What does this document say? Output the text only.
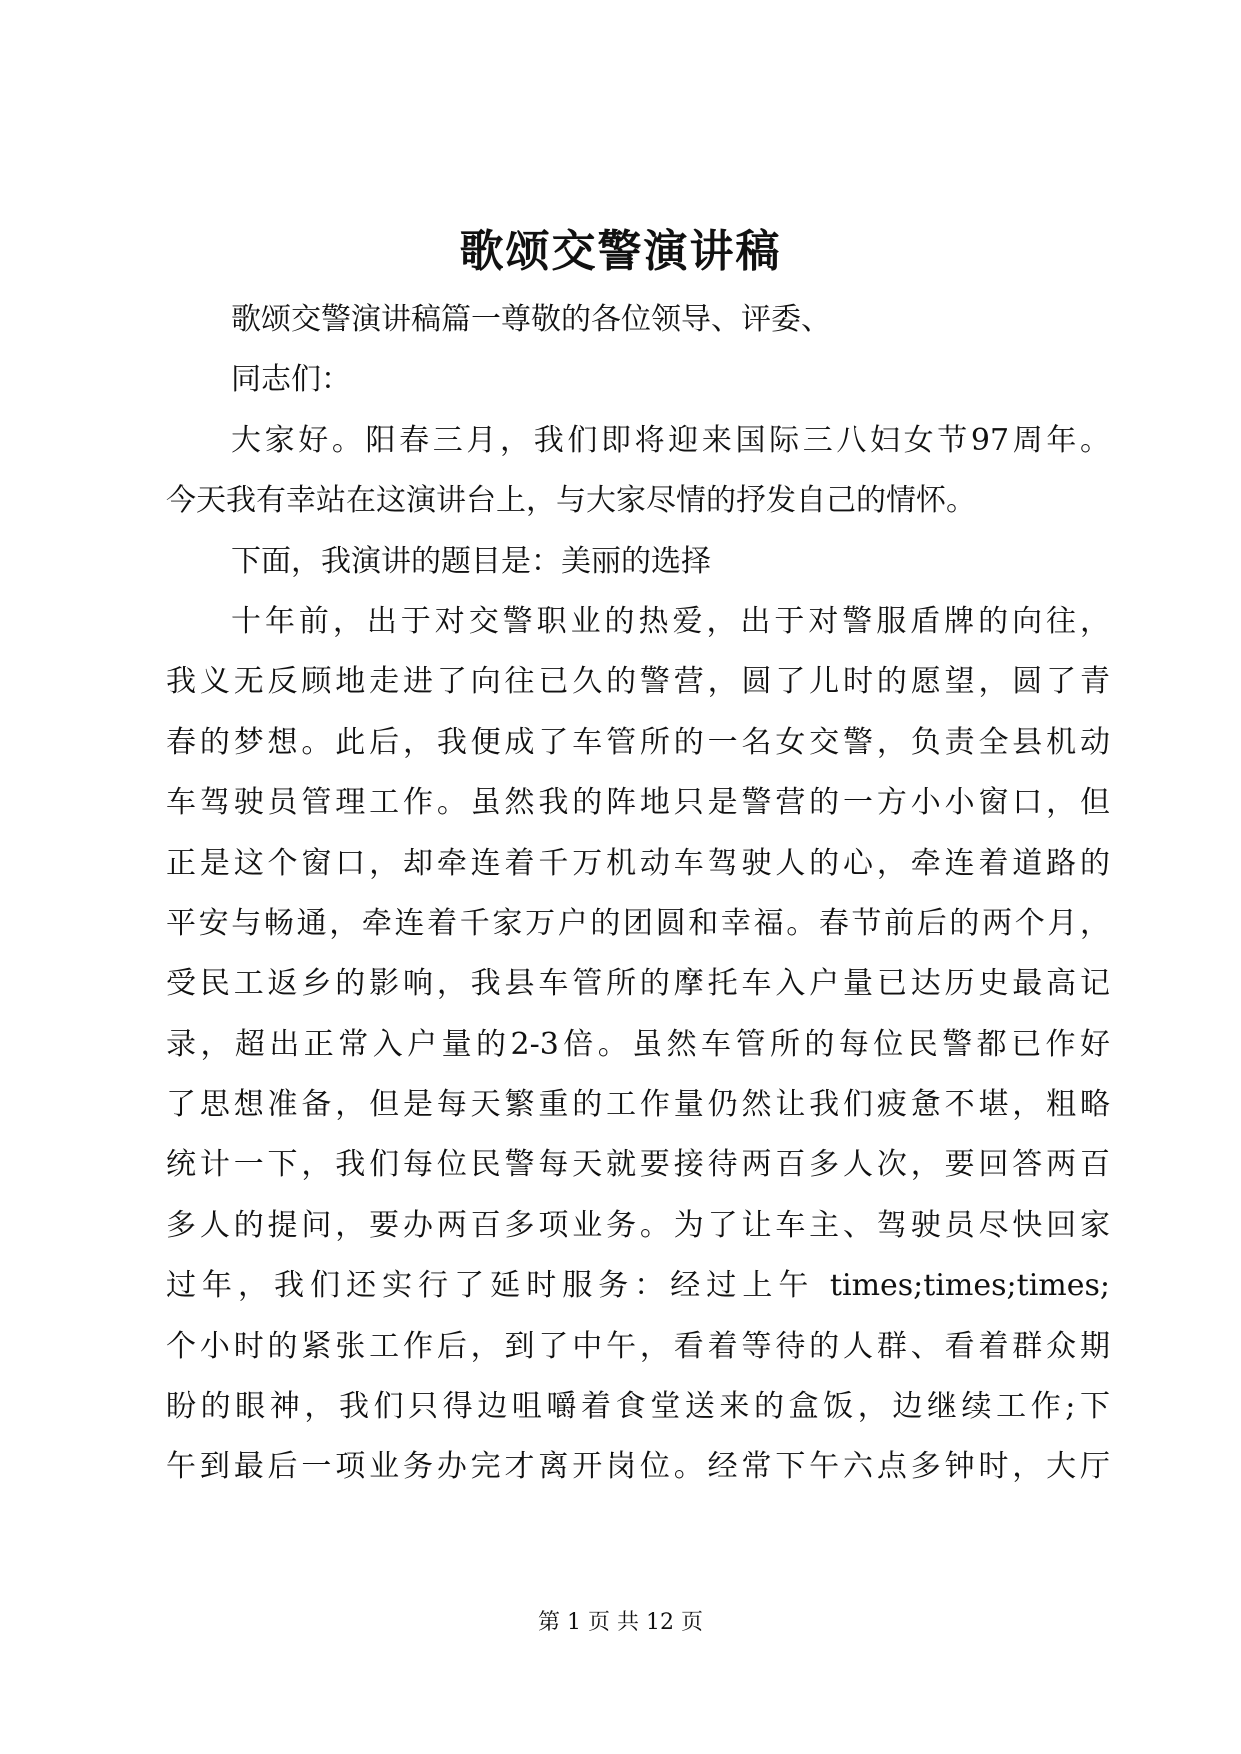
歌颂交警演讲稿

歌颂交警演讲稿篇一尊敬的各位领导、评委、

同志们：

大家好。阳春三月，我们即将迎来国际三八妇女节97周年。

今天我有幸站在这演讲台上，与大家尽情的抒发自己的情怀。

下面，我演讲的题目是：美丽的选择

十年前，出于对交警职业的热爱，出于对警服盾牌的向往，

我义无反顾地走进了向往已久的警营，圆了儿时的愿望，圆了青

春的梦想。此后，我便成了车管所的一名女交警，负责全县机动

车驾驶员管理工作。虽然我的阵地只是警营的一方小小窗口，但

正是这个窗口，却牵连着千万机动车驾驶人的心，牵连着道路的

平安与畅通，牵连着千家万户的团圆和幸福。春节前后的两个月，

受民工返乡的影响，我县车管所的摩托车入户量已达历史最高记

录，超出正常入户量的2-3倍。虽然车管所的每位民警都已作好

了思想准备，但是每天繁重的工作量仍然让我们疲惫不堪，粗略

统计一下，我们每位民警每天就要接待两百多人次，要回答两百

多人的提问，要办两百多项业务。为了让车主、驾驶员尽快回家

过年，我们还实行了延时服务：经过上午 times;times;times;

个小时的紧张工作后，到了中午，看着等待的人群、看着群众期

盼的眼神，我们只得边咀嚼着食堂送来的盒饭，边继续工作;下

午到最后一项业务办完才离开岗位。经常下午六点多钟时，大厅

第 1 页 共 12 页
